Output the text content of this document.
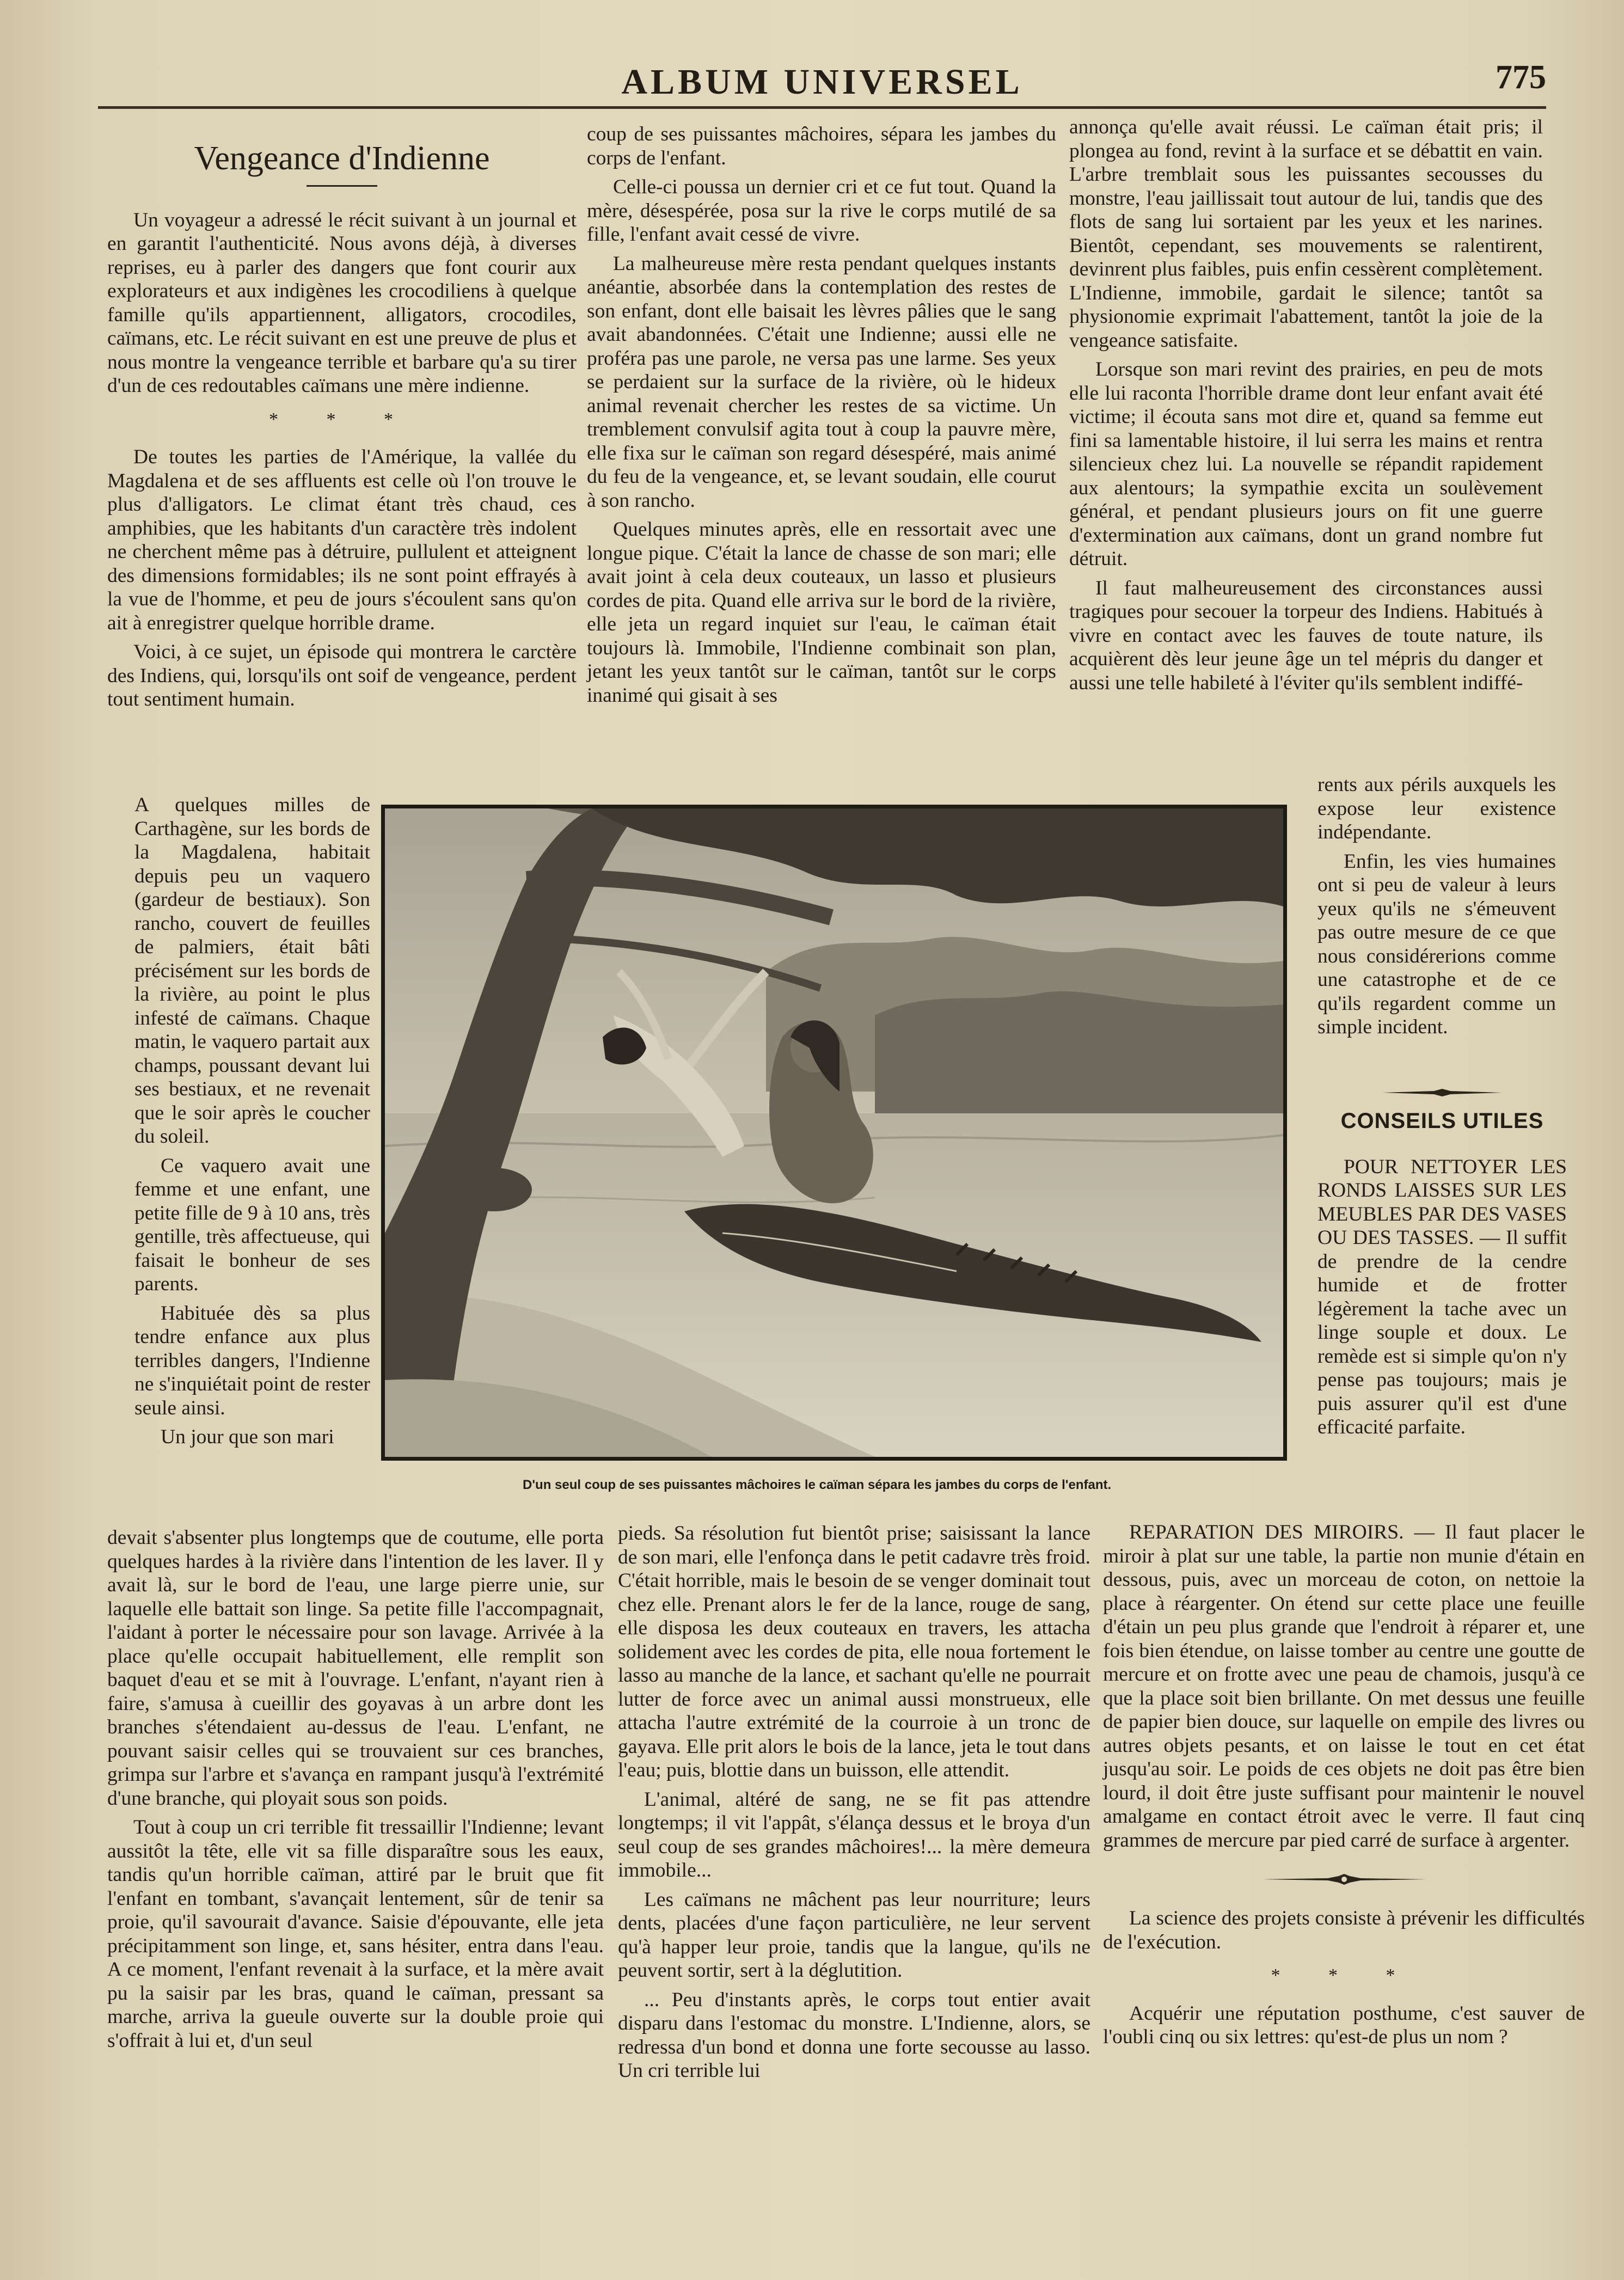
ALBUM UNIVERSEL	775
Vengeance d'Indienne

Un voyageur a adressé le récit suivant à un journal et en garantit l'authenticité. Nous avons déjà, à diverses reprises, eu à parler des dangers que font courir aux explorateurs et aux indigènes les crocodiliens à quelque famille qu'ils appartiennent, alligators, crocodiles, caïmans, etc. Le récit suivant en est une preuve de plus et nous montre la vengeance terrible et barbare qu'a su tirer d'un de ces redoutables caïmans une mère indienne.

* * *

De toutes les parties de l'Amérique, la vallée du Magdalena et de ses affluents est celle où l'on trouve le plus d'alligators. Le climat étant très chaud, ces amphibies, que les habitants d'un caractère très indolent ne cherchent même pas à détruire, pullulent et atteignent des dimensions formidables; ils ne sont point effrayés à la vue de l'homme, et peu de jours s'écoulent sans qu'on ait à enregistrer quelque horrible drame.

Voici, à ce sujet, un épisode qui montrera le carctère des Indiens, qui, lorsqu'ils ont soif de vengeance, perdent tout sentiment humain.

A quelques milles de Carthagène, sur les bords de la Magdalena, habitait depuis peu un vaquero (gardeur de bestiaux). Son rancho, couvert de feuilles de palmiers, était bâti précisément sur les bords de la rivière, au point le plus infesté de caïmans. Chaque matin, le vaquero partait aux champs, poussant devant lui ses bestiaux, et ne revenait que le soir après le coucher du soleil.

Ce vaquero avait une femme et une enfant, une petite fille de 9 à 10 ans, très gentille, très affectueuse, qui faisait le bonheur de ses parents.

Habituée dès sa plus tendre enfance aux plus terribles dangers, l'Indienne ne s'inquiétait point de rester seule ainsi.

Un jour que son mari

devait s'absenter plus longtemps que de coutume, elle porta quelques hardes à la rivière dans l'intention de les laver. Il y avait là, sur le bord de l'eau, une large pierre unie, sur laquelle elle battait son linge. Sa petite fille l'accompagnait, l'aidant à porter le nécessaire pour son lavage. Arrivée à la place qu'elle occupait habituellement, elle remplit son baquet d'eau et se mit à l'ouvrage. L'enfant, n'ayant rien à faire, s'amusa à cueillir des goyavas à un arbre dont les branches s'étendaient au-dessus de l'eau. L'enfant, ne pouvant saisir celles qui se trouvaient sur ces branches, grimpa sur l'arbre et s'avança en rampant jusqu'à l'extrémité d'une branche, qui ployait sous son poids.

Tout à coup un cri terrible fit tressaillir l'Indienne; levant aussitôt la tête, elle vit sa fille disparaître sous les eaux, tandis qu'un horrible caïman, attiré par le bruit que fit l'enfant en tombant, s'avançait lentement, sûr de tenir sa proie, qu'il savourait d'avance. Saisie d'épouvante, elle jeta précipitamment son linge, et, sans hésiter, entra dans l'eau. A ce moment, l'enfant revenait à la surface, et la mère avait pu la saisir par les bras, quand le caïman, pressant sa marche, arriva la gueule ouverte sur la double proie qui s'offrait à lui et, d'un seul

coup de ses puissantes mâchoires, sépara les jambes du corps de l'enfant.

Celle-ci poussa un dernier cri et ce fut tout. Quand la mère, désespérée, posa sur la rive le corps mutilé de sa fille, l'enfant avait cessé de vivre.

La malheureuse mère resta pendant quelques instants anéantie, absorbée dans la contemplation des restes de son enfant, dont elle baisait les lèvres pâlies que le sang avait abandonnées. C'était une Indienne; aussi elle ne proféra pas une parole, ne versa pas une larme. Ses yeux se perdaient sur la surface de la rivière, où le hideux animal revenait chercher les restes de sa victime. Un tremblement convulsif agita tout à coup la pauvre mère, elle fixa sur le caïman son regard désespéré, mais animé du feu de la vengeance, et, se levant soudain, elle courut à son rancho.

Quelques minutes après, elle en ressortait avec une longue pique. C'était la lance de chasse de son mari; elle avait joint à cela deux couteaux, un lasso et plusieurs cordes de pita. Quand elle arriva sur le bord de la rivière, elle jeta un regard inquiet sur l'eau, le caïman était toujours là. Immobile, l'Indienne combinait son plan, jetant les yeux tantôt sur le caïman, tantôt sur le corps inanimé qui gisait à ses

pieds. Sa résolution fut bientôt prise; saisissant la lance de son mari, elle l'enfonça dans le petit cadavre très froid. C'était horrible, mais le besoin de se venger dominait tout chez elle. Prenant alors le fer de la lance, rouge de sang, elle disposa les deux couteaux en travers, les attacha solidement avec les cordes de pita, elle noua fortement le lasso au manche de la lance, et sachant qu'elle ne pourrait lutter de force avec un animal aussi monstrueux, elle attacha l'autre extrémité de la courroie à un tronc de gayava. Elle prit alors le bois de la lance, jeta le tout dans l'eau; puis, blottie dans un buisson, elle attendit.

L'animal, altéré de sang, ne se fit pas attendre longtemps; il vit l'appât, s'élança dessus et le broya d'un seul coup de ses grandes mâchoires!... la mère demeura immobile...

Les caïmans ne mâchent pas leur nourriture; leurs dents, placées d'une façon particulière, ne leur servent qu'à happer leur proie, tandis que la langue, qu'ils ne peuvent sortir, sert à la déglutition.

... Peu d'instants après, le corps tout entier avait disparu dans l'estomac du monstre. L'Indienne, alors, se redressa d'un bond et donna une forte secousse au lasso. Un cri terrible lui

annonça qu'elle avait réussi. Le caïman était pris; il plongea au fond, revint à la surface et se débattit en vain. L'arbre tremblait sous les puissantes secousses du monstre, l'eau jaillissait tout autour de lui, tandis que des flots de sang lui sortaient par les yeux et les narines. Bientôt, cependant, ses mouvements se ralentirent, devinrent plus faibles, puis enfin cessèrent complètement. L'Indienne, immobile, gardait le silence; tantôt sa physionomie exprimait l'abattement, tantôt la joie de la vengeance satisfaite.

Lorsque son mari revint des prairies, en peu de mots elle lui raconta l'horrible drame dont leur enfant avait été victime; il écouta sans mot dire et, quand sa femme eut fini sa lamentable histoire, il lui serra les mains et rentra silencieux chez lui. La nouvelle se répandit rapidement aux alentours; la sympathie excita un soulèvement général, et pendant plusieurs jours on fit une guerre d'extermination aux caïmans, dont un grand nombre fut détruit.

Il faut malheureusement des circonstances aussi tragiques pour secouer la torpeur des Indiens. Habitués à vivre en contact avec les fauves de toute nature, ils acquièrent dès leur jeune âge un tel mépris du danger et aussi une telle habileté à l'éviter qu'ils semblent indiffé-

rents aux périls auxquels les expose leur existence indépendante.

Enfin, les vies humaines ont si peu de valeur à leurs yeux qu'ils ne s'émeuvent pas outre mesure de ce que nous considérerions comme une catastrophe et de ce qu'ils regardent comme un simple incident.

CONSEILS UTILES

POUR NETTOYER LES RONDS LAISSES SUR LES MEUBLES PAR DES VASES OU DES TASSES. — Il suffit de prendre de la cendre humide et de frotter légèrement la tache avec un linge souple et doux. Le remède est si simple qu'on n'y pense pas toujours; mais je puis assurer qu'il est d'une efficacité parfaite.

REPARATION DES MIROIRS. — Il faut placer le miroir à plat sur une table, la partie non munie d'étain en dessous, puis, avec un morceau de coton, on nettoie la place à réargenter. On étend sur cette place une feuille d'étain un peu plus grande que l'endroit à réparer et, une fois bien étendue, on laisse tomber au centre une goutte de mercure et on frotte avec une peau de chamois, jusqu'à ce que la place soit bien brillante. On met dessus une feuille de papier bien douce, sur laquelle on empile des livres ou autres objets pesants, et on laisse le tout en cet état jusqu'au soir. Le poids de ces objets ne doit pas être bien lourd, il doit être juste suffisant pour maintenir le nouvel amalgame en contact étroit avec le verre. Il faut cinq grammes de mercure par pied carré de surface à argenter.

La science des projets consiste à prévenir les difficultés de l'exécution.

* * *

Acquérir une réputation posthume, c'est sauver de l'oubli cinq ou six lettres: qu'est-de plus un nom ?

D'un seul coup de ses puissantes mâchoires le caïman sépara les jambes du corps de l'enfant.
